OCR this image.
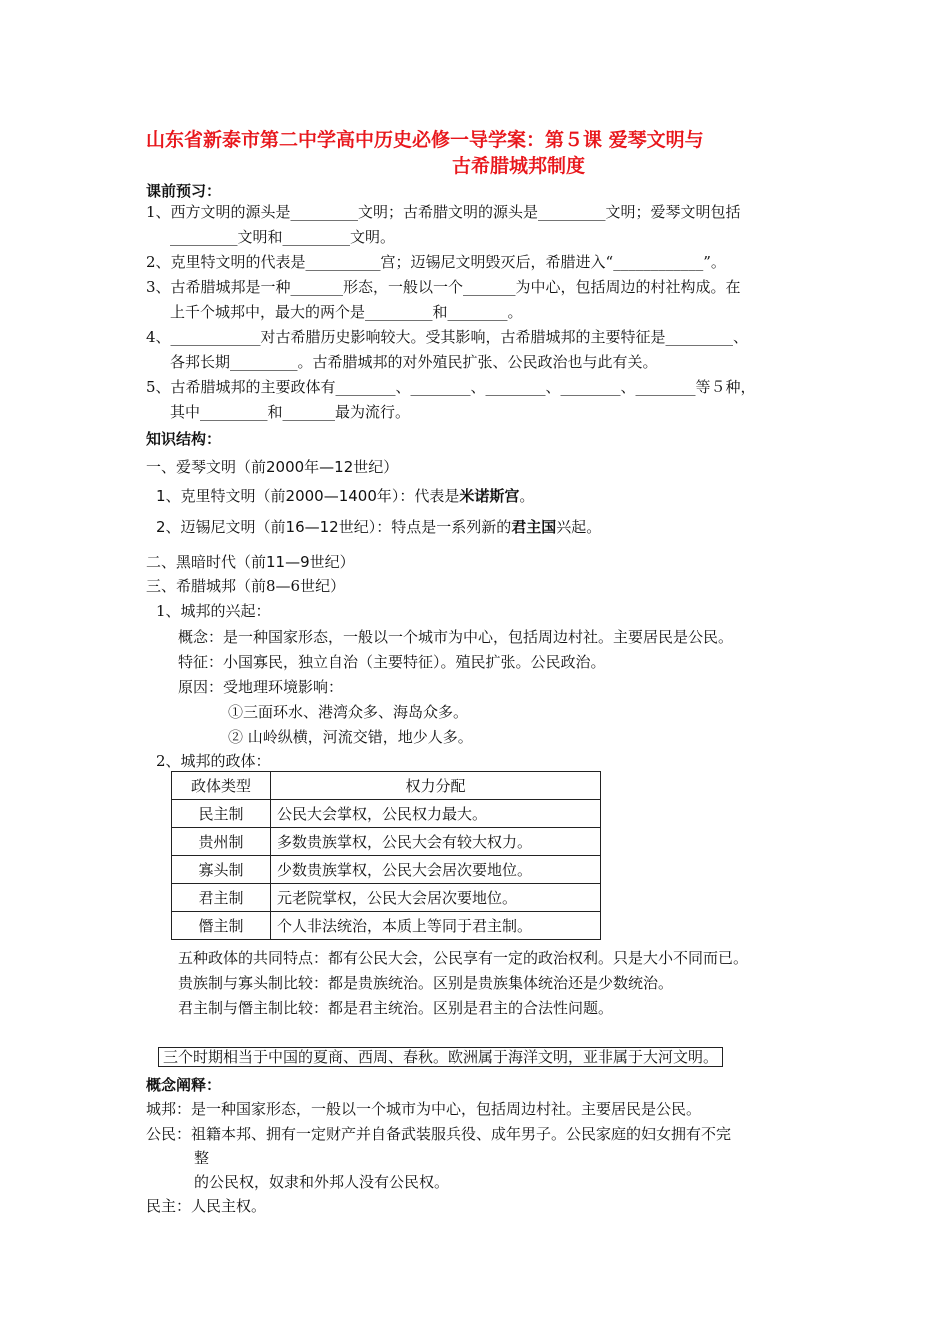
山东省新泰市第二中学高中历史必修一导学案：第５课 爱琴文明与
古希腊城邦制度
课前预习：
1、西方文明的源头是_________文明；古希腊文明的源头是_________文明；爱琴文明包括
_________文明和_________文明。
2、克里特文明的代表是__________宫；迈锡尼文明毁灭后，希腊进入“____________”。
3、古希腊城邦是一种_______形态，一般以一个_______为中心，包括周边的村社构成。在
上千个城邦中，最大的两个是_________和________。
4、____________对古希腊历史影响较大。受其影响，古希腊城邦的主要特征是_________、
各邦长期_________。古希腊城邦的对外殖民扩张、公民政治也与此有关。
5、古希腊城邦的主要政体有________、________、________、________、________等５种，
其中_________和_______最为流行。
知识结构：
一、爱琴文明（前2000年—12世纪）
1、克里特文明（前2000—1400年）：代表是米诺斯宫。
2、迈锡尼文明（前16—12世纪）：特点是一系列新的君主国兴起。
二、黑暗时代（前11—9世纪）
三、希腊城邦（前8—6世纪）
1、城邦的兴起：
概念：是一种国家形态，一般以一个城市为中心，包括周边村社。主要居民是公民。
特征：小国寡民，独立自治（主要特征）。殖民扩张。公民政治。
原因：受地理环境影响：
①三面环水、港湾众多、海岛众多。
② 山岭纵横，河流交错，地少人多。
2、城邦的政体：
政体类型	权力分配
民主制	公民大会掌权，公民权力最大。
贵州制	多数贵族掌权，公民大会有较大权力。
寡头制	少数贵族掌权，公民大会居次要地位。
君主制	元老院掌权，公民大会居次要地位。
僭主制	个人非法统治，本质上等同于君主制。
五种政体的共同特点：都有公民大会，公民享有一定的政治权利。只是大小不同而已。
贵族制与寡头制比较：都是贵族统治。区别是贵族集体统治还是少数统治。
君主制与僭主制比较：都是君主统治。区别是君主的合法性问题。
三个时期相当于中国的夏商、西周、春秋。欧洲属于海洋文明，亚非属于大河文明。
概念阐释：
城邦：是一种国家形态，一般以一个城市为中心，包括周边村社。主要居民是公民。
公民：祖籍本邦、拥有一定财产并自备武装服兵役、成年男子。公民家庭的妇女拥有不完
整
的公民权，奴隶和外邦人没有公民权。
民主：人民主权。
